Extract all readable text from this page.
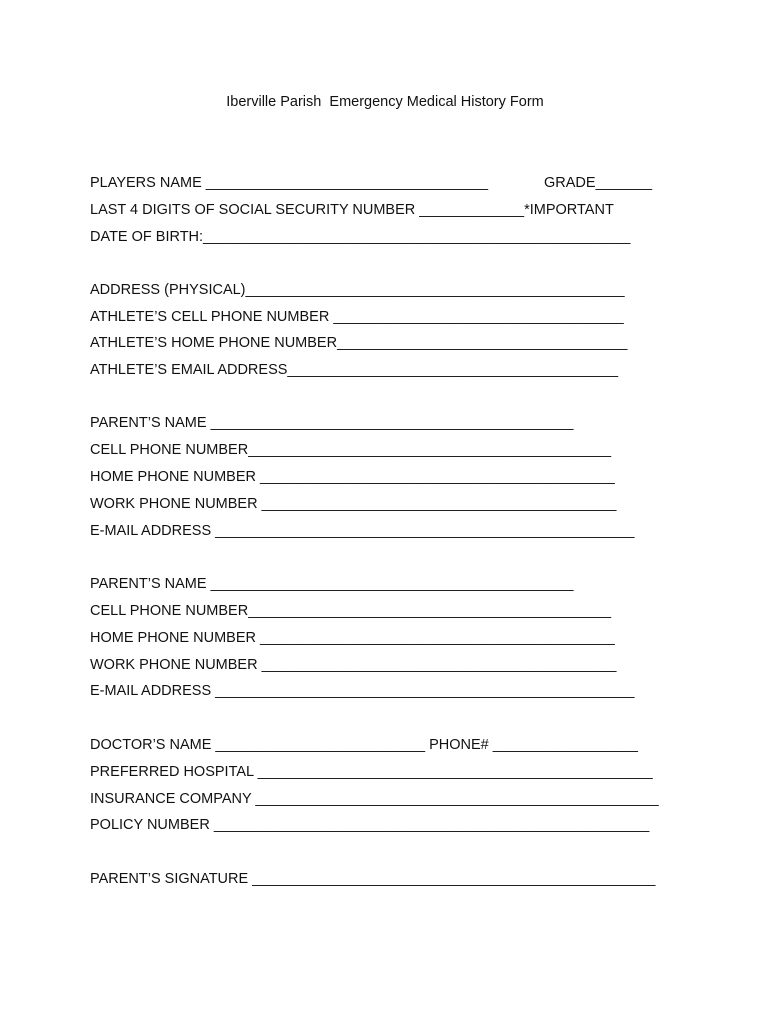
Iberville Parish  Emergency Medical History Form
PLAYERS NAME ___________________________________	GRADE_______
LAST 4 DIGITS OF SOCIAL SECURITY NUMBER _____________*IMPORTANT
DATE OF BIRTH:_____________________________________________________
ADDRESS (PHYSICAL)_______________________________________________
ATHLETE’S CELL PHONE NUMBER ____________________________________
ATHLETE’S HOME PHONE NUMBER____________________________________
ATHLETE’S EMAIL ADDRESS_________________________________________
PARENT’S NAME _____________________________________________
CELL PHONE NUMBER_____________________________________________
HOME PHONE NUMBER ____________________________________________
WORK PHONE NUMBER ____________________________________________
E-MAIL ADDRESS ____________________________________________________
PARENT’S NAME _____________________________________________
CELL PHONE NUMBER_____________________________________________
HOME PHONE NUMBER ____________________________________________
WORK PHONE NUMBER ____________________________________________
E-MAIL ADDRESS ____________________________________________________
DOCTOR’S NAME __________________________ PHONE# __________________
PREFERRED HOSPITAL _________________________________________________
INSURANCE COMPANY __________________________________________________
POLICY NUMBER ______________________________________________________
PARENT’S SIGNATURE __________________________________________________
